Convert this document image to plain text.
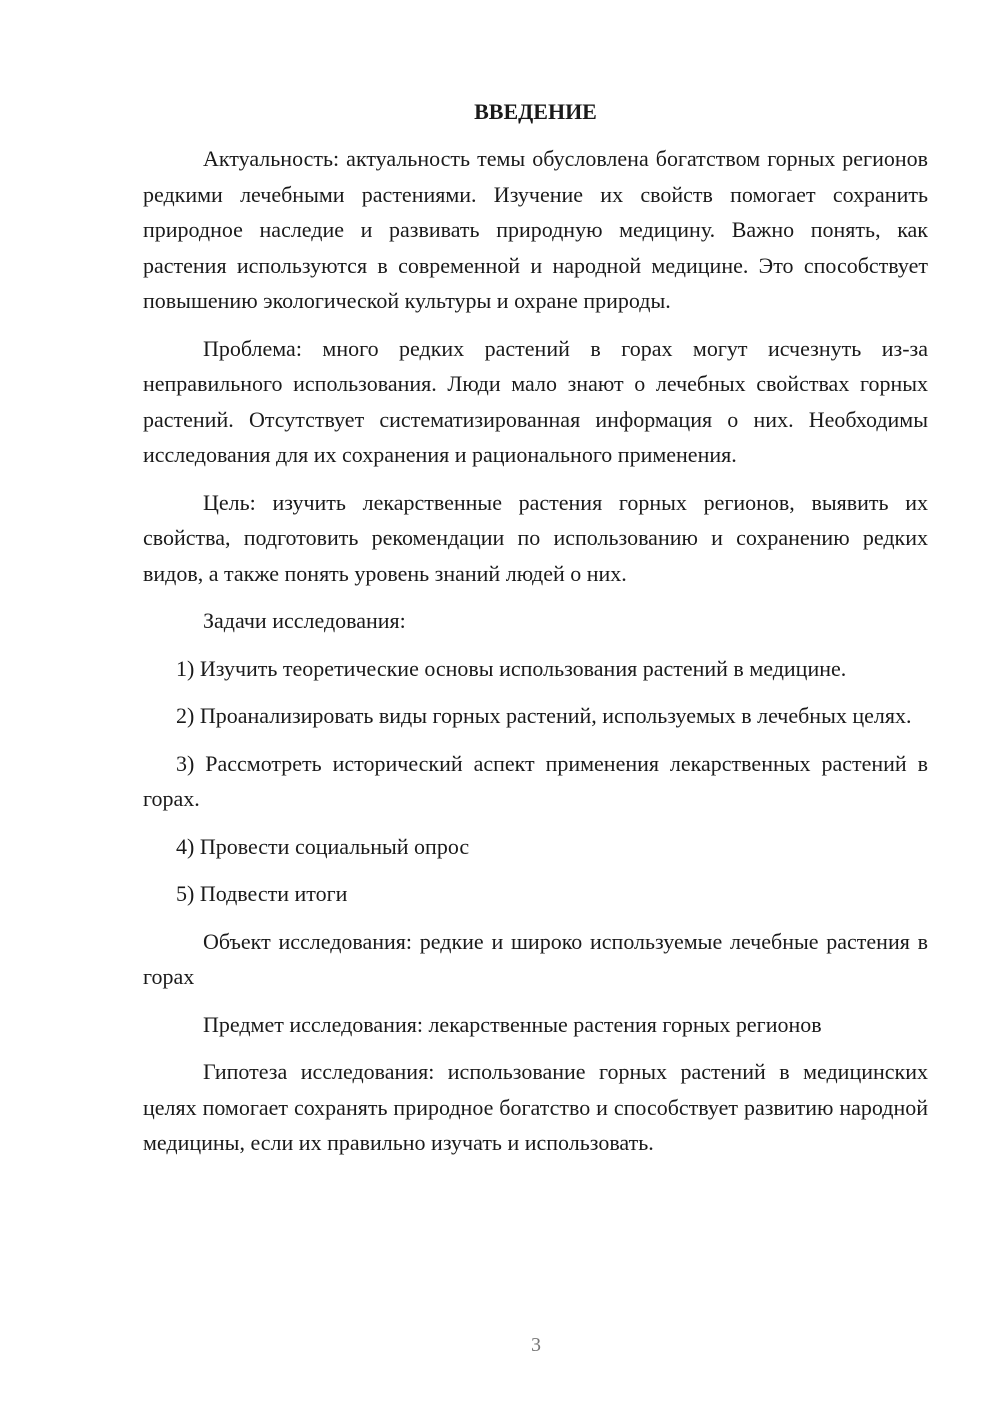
ВВЕДЕНИЕ

Актуальность: актуальность темы обусловлена богатством горных регионов редкими лечебными растениями. Изучение их свойств помогает сохранить природное наследие и развивать природную медицину. Важно понять, как растения используются в современной и народной медицине. Это способствует повышению экологической культуры и охране природы.

Проблема: много редких растений в горах могут исчезнуть из-за неправильного использования. Люди мало знают о лечебных свойствах горных растений. Отсутствует систематизированная информация о них. Необходимы исследования для их сохранения и рационального применения.

Цель: изучить лекарственные растения горных регионов, выявить их свойства, подготовить рекомендации по использованию и сохранению редких видов, а также понять уровень знаний людей о них.

Задачи исследования:

1) Изучить теоретические основы использования растений в медицине.

2) Проанализировать виды горных растений, используемых в лечебных целях.

3) Рассмотреть исторический аспект применения лекарственных растений в горах.

4) Провести социальный опрос

5) Подвести итоги

Объект исследования: редкие и широко используемые лечебные растения в горах

Предмет исследования: лекарственные растения горных регионов

Гипотеза исследования: использование горных растений в медицинских целях помогает сохранять природное богатство и способствует развитию народной медицины, если их правильно изучать и использовать.

3
